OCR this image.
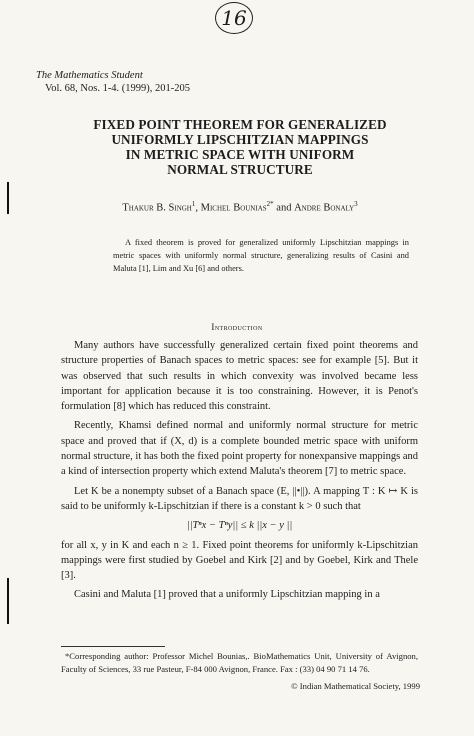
16
The Mathematics Student
Vol. 68, Nos. 1-4. (1999), 201-205
FIXED POINT THEOREM FOR GENERALIZED
UNIFORMLY LIPSCHITZIAN MAPPINGS
IN METRIC SPACE WITH UNIFORM
NORMAL STRUCTURE
Thakur B. Singh$^1$, Michel Bounias$^{2*}$ and Andre Bonaly$^3$
A fixed theorem is proved for generalized uniformly Lipschitzian mappings in metric spaces with uniformly normal structure, generalizing results of Casini and Maluta [1], Lim and Xu [6] and others.
Introduction

Many authors have successfully generalized certain fixed point theorems and structure properties of Banach spaces to metric spaces: see for example [5]. But it was observed that such results in which convexity was involved became less important for application because it is too constraining. However, it is Penot's formulation [8] which has reduced this constraint.

Recently, Khamsi defined normal and uniformly normal structure for metric space and proved that if (X, d) is a complete bounded metric space with uniform normal structure, it has both the fixed point property for nonexpansive mappings and a kind of intersection property which extend Maluta's theorem [7] to metric space.

Let K be a nonempty subset of a Banach space (E, ||•||). A mapping T : K ↦ K is said to be uniformly k-Lipschitzian if there is a constant k > 0 such that

||Tⁿx − Tⁿy|| ≤ k ||x − y ||

for all x, y in K and each n ≥ 1. Fixed point theorems for uniformly k-Lipschitzian mappings were first studied by Goebel and Kirk [2] and by Goebel, Kirk and Thele [3].

Casini and Maluta [1] proved that a uniformly Lipschitzian mapping in a

*Corresponding author: Professor Michel Bounias,. BioMathematics Unit, University of Avignon, Faculty of Sciences, 33 rue Pasteur, F-84 000 Avignon, France. Fax : (33) 04 90 71 14 76.
© Indian Mathematical Society, 1999
